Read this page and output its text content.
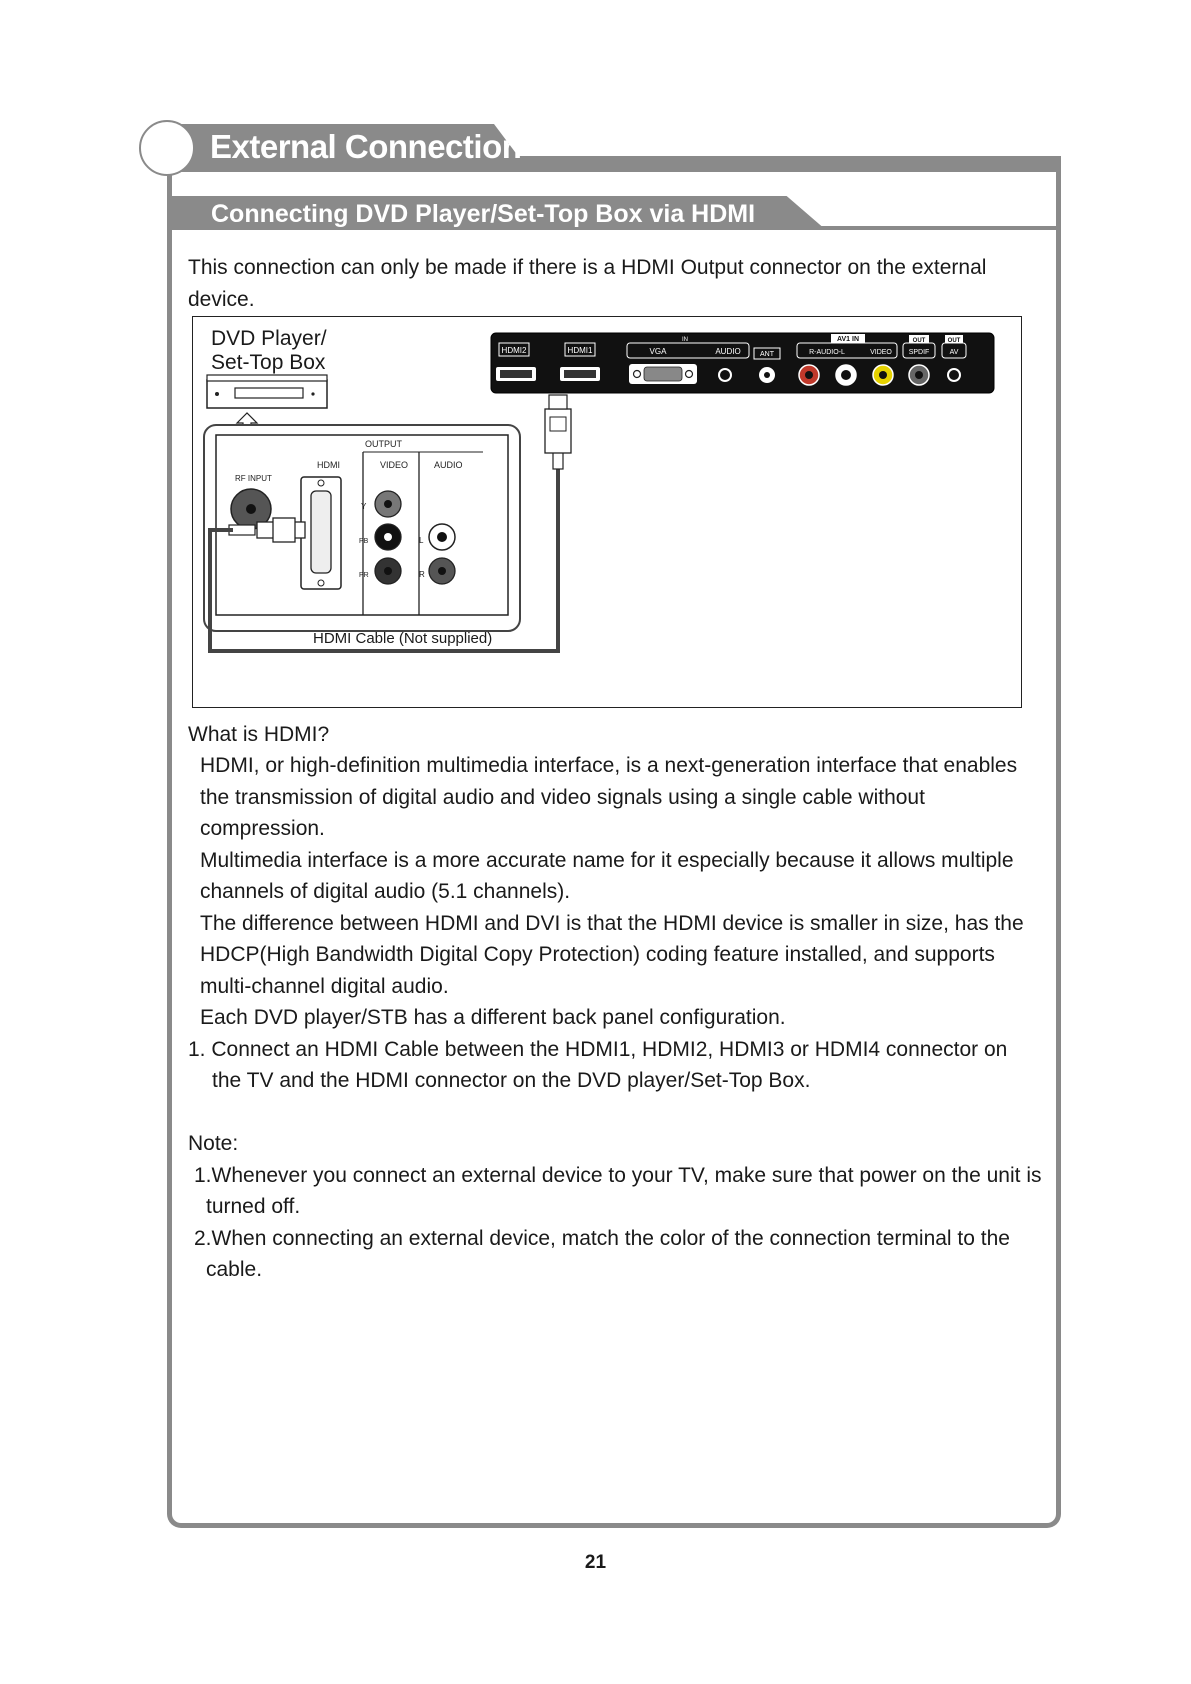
External Connection
Connecting DVD Player/Set-Top Box via HDMI
This connection can only be made if there is a HDMI Output connector on the external device.
DVD Player/
Set-Top Box
OUTPUT
HDMI	VIDEO	AUDIO
RF INPUT
Y
PB
PR
L
R
HDMI Cable (Not supplied)
HDMI2	HDMI1
IN
VGA	AUDIO	ANT
AV1 IN
R-AUDIO-L	VIDEO
OUT
SPDIF
OUT
AV
What is HDMI?
HDMI, or high-definition multimedia interface, is a next-generation interface that enables
the transmission of digital audio and video signals using a single cable without
compression.
Multimedia interface is a more accurate name for it especially because it allows multiple
channels of digital audio (5.1 channels).
The difference between HDMI and DVI is that the HDMI device is smaller in size, has the
HDCP(High Bandwidth Digital Copy Protection) coding feature installed, and supports
multi-channel digital audio.
Each DVD player/STB has a different back panel configuration.
1. Connect an HDMI Cable between the HDMI1, HDMI2, HDMI3 or HDMI4 connector on
the TV and the HDMI connector on the DVD player/Set-Top Box.
Note:
1.Whenever you connect an external device to your TV, make sure that power on the unit is
turned off.
2.When connecting an external device, match the color of the connection terminal to the
cable.
21
